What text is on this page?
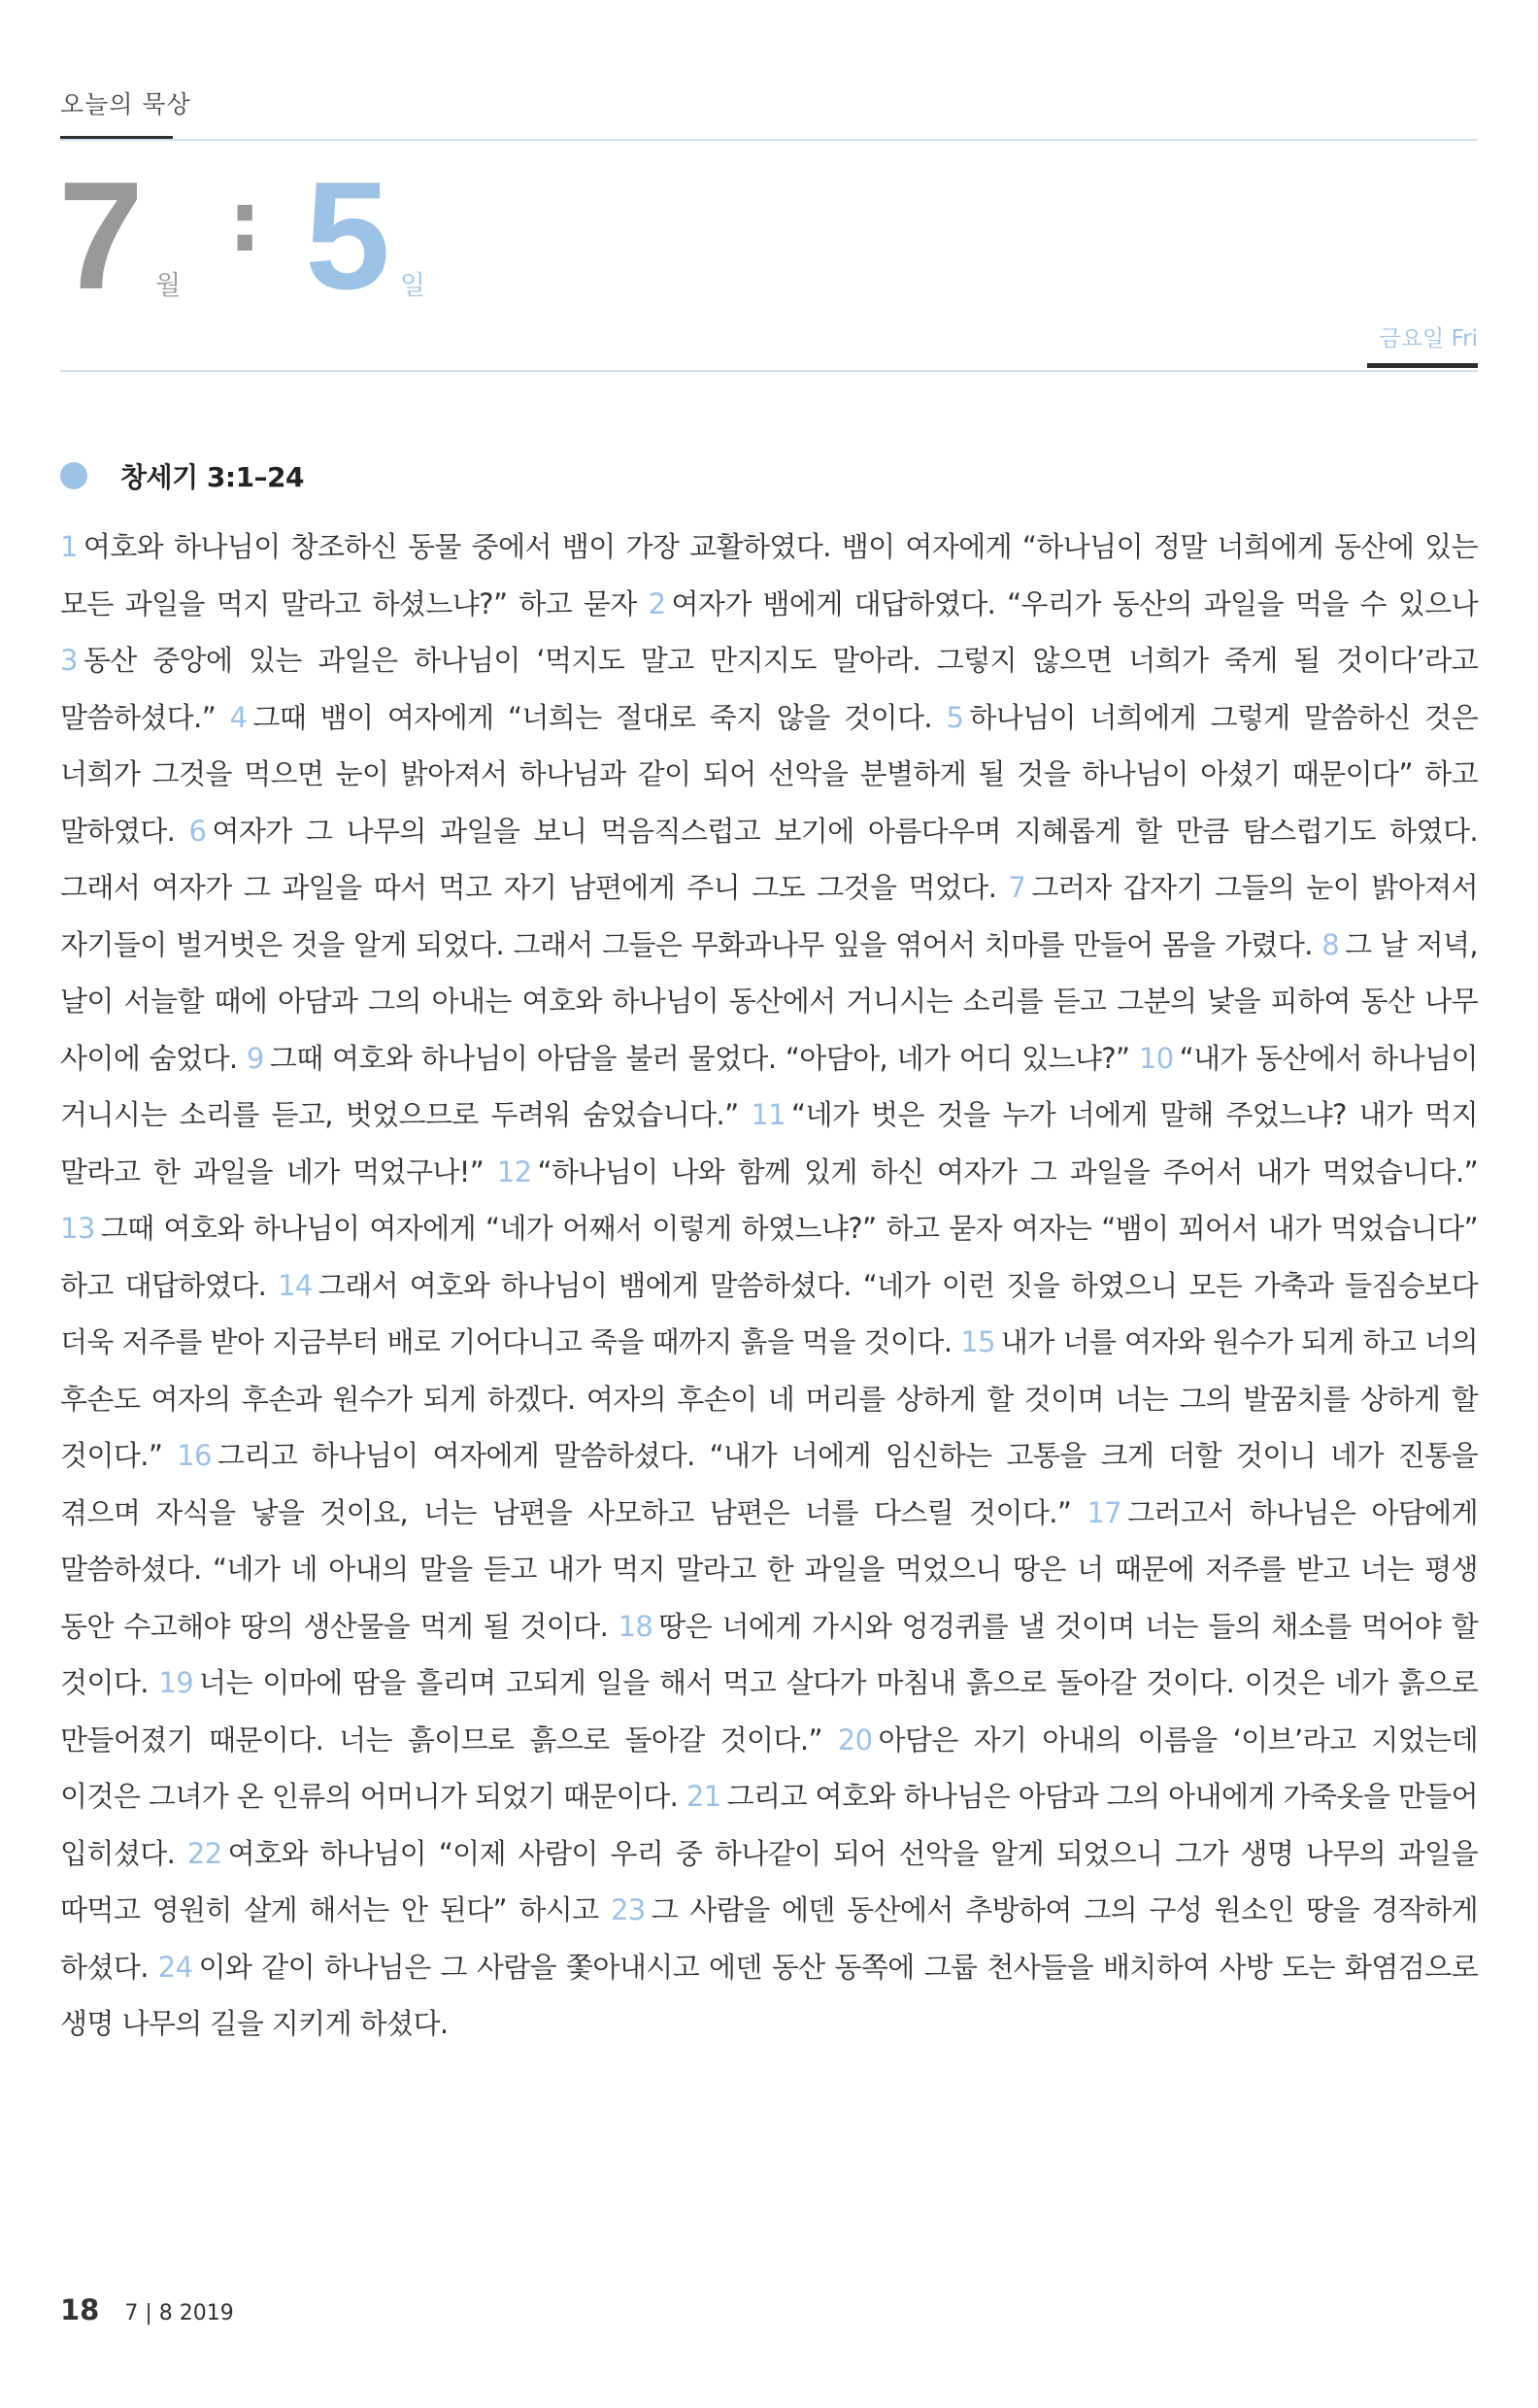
오늘의 묵상
7 월
: 5 일
금요일 Fri
창세기 3:1–24
1 여호와 하나님이 창조하신 동물 중에서 뱀이 가장 교활하였다. 뱀이 여자에게 “하나님이 정말 너희에게 동산에 있는 모든 과일을 먹지 말라고 하셨느냐?” 하고 묻자 2 여자가 뱀에게 대답하였다. “우리가 동산의 과일을 먹을 수 있으나 3 동산 중앙에 있는 과일은 하나님이 ‘먹지도 말고 만지지도 말아라. 그렇지 않으면 너희가 죽게 될 것이다’라고 말씀하셨다.” 4 그때 뱀이 여자에게 “너희는 절대로 죽지 않을 것이다. 5 하나님이 너희에게 그렇게 말씀하신 것은 너희가 그것을 먹으면 눈이 밝아져서 하나님과 같이 되어 선악을 분별하게 될 것을 하나님이 아셨기 때문이다” 하고 말하였다. 6 여자가 그 나무의 과일을 보니 먹음직스럽고 보기에 아름다우며 지혜롭게 할 만큼 탐스럽기도 하였다. 그래서 여자가 그 과일을 따서 먹고 자기 남편에게 주니 그도 그것을 먹었다. 7 그러자 갑자기 그들의 눈이 밝아져서 자기들이 벌거벗은 것을 알게 되었다. 그래서 그들은 무화과나무 잎을 엮어서 치마를 만들어 몸을 가렸다. 8 그 날 저녁, 날이 서늘할 때에 아담과 그의 아내는 여호와 하나님이 동산에서 거니시는 소리를 듣고 그분의 낯을 피하여 동산 나무 사이에 숨었다. 9 그때 여호와 하나님이 아담을 불러 물었다. “아담아, 네가 어디 있느냐?” 10 “내가 동산에서 하나님이 거니시는 소리를 듣고, 벗었으므로 두려워 숨었습니다.” 11 “네가 벗은 것을 누가 너에게 말해 주었느냐? 내가 먹지 말라고 한 과일을 네가 먹었구나!” 12 “하나님이 나와 함께 있게 하신 여자가 그 과일을 주어서 내가 먹었습니다.” 13 그때 여호와 하나님이 여자에게 “네가 어째서 이렇게 하였느냐?” 하고 묻자 여자는 “뱀이 꾀어서 내가 먹었습니다” 하고 대답하였다. 14 그래서 여호와 하나님이 뱀에게 말씀하셨다. “네가 이런 짓을 하였으니 모든 가축과 들짐승보다 더욱 저주를 받아 지금부터 배로 기어다니고 죽을 때까지 흙을 먹을 것이다. 15 내가 너를 여자와 원수가 되게 하고 너의 후손도 여자의 후손과 원수가 되게 하겠다. 여자의 후손이 네 머리를 상하게 할 것이며 너는 그의 발꿈치를 상하게 할 것이다.” 16 그리고 하나님이 여자에게 말씀하셨다. “내가 너에게 임신하는 고통을 크게 더할 것이니 네가 진통을 겪으며 자식을 낳을 것이요, 너는 남편을 사모하고 남편은 너를 다스릴 것이다.” 17 그러고서 하나님은 아담에게 말씀하셨다. “네가 네 아내의 말을 듣고 내가 먹지 말라고 한 과일을 먹었으니 땅은 너 때문에 저주를 받고 너는 평생 동안 수고해야 땅의 생산물을 먹게 될 것이다. 18 땅은 너에게 가시와 엉겅퀴를 낼 것이며 너는 들의 채소를 먹어야 할 것이다. 19 너는 이마에 땀을 흘리며 고되게 일을 해서 먹고 살다가 마침내 흙으로 돌아갈 것이다. 이것은 네가 흙으로 만들어졌기 때문이다. 너는 흙이므로 흙으로 돌아갈 것이다.” 20 아담은 자기 아내의 이름을 ‘이브’라고 지었는데 이것은 그녀가 온 인류의 어머니가 되었기 때문이다. 21 그리고 여호와 하나님은 아담과 그의 아내에게 가죽옷을 만들어 입히셨다. 22 여호와 하나님이 “이제 사람이 우리 중 하나같이 되어 선악을 알게 되었으니 그가 생명 나무의 과일을 따먹고 영원히 살게 해서는 안 된다” 하시고 23 그 사람을 에덴 동산에서 추방하여 그의 구성 원소인 땅을 경작하게 하셨다. 24 이와 같이 하나님은 그 사람을 쫓아내시고 에덴 동산 동쪽에 그룹 천사들을 배치하여 사방 도는 화염검으로 생명 나무의 길을 지키게 하셨다.
18 7 | 8 2019
